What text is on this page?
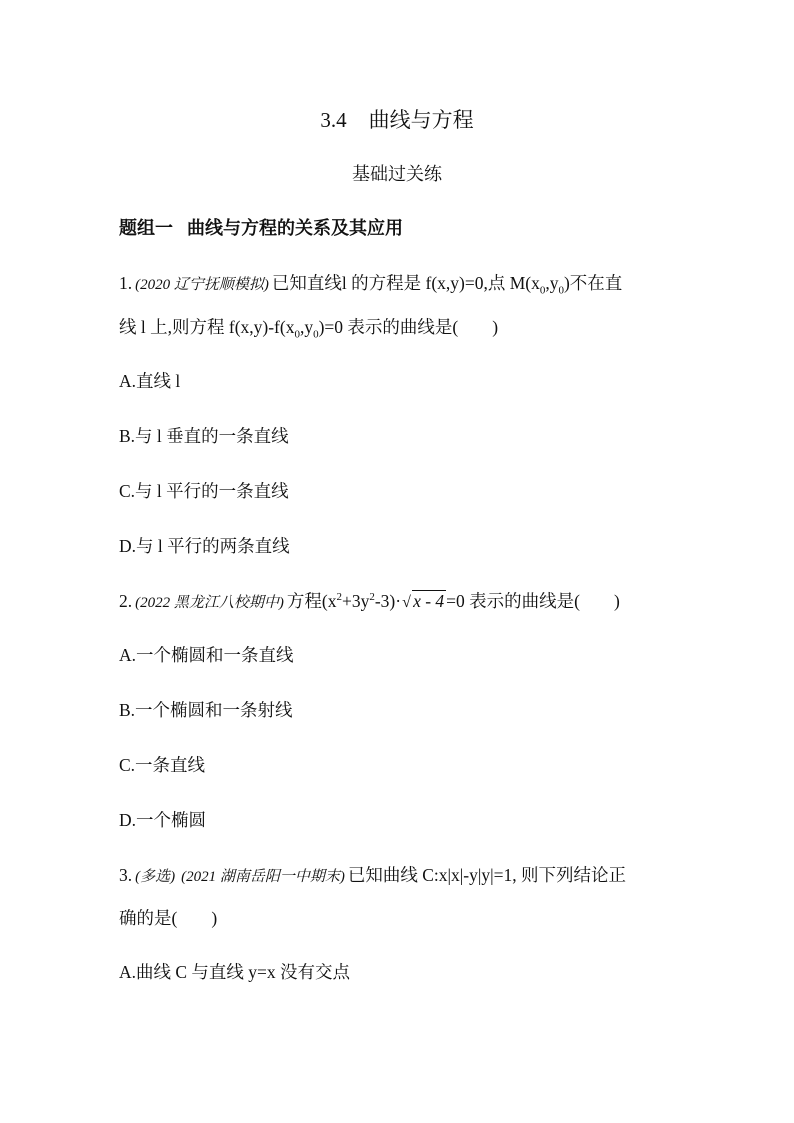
3.4 曲线与方程
基础过关练
题组一 曲线与方程的关系及其应用
1. (2020 辽宁抚顺模拟) 已知直线l 的方程是 f(x,y)=0,点 $M(x_0,y_0)$不在直
线 l 上,则方程 $f(x,y)-f(x_0,y_0)=0$ 表示的曲线是( )
A.直线 l
B.与 l 垂直的一条直线
C.与 l 平行的一条直线
D.与 l 平行的两条直线
2. (2022 黑龙江八校期中) 方程$(x^2+3y^2-3)\cdot$ √ x - 4 =0 表示的曲线是( )
A.一个椭圆和一条直线
B.一个椭圆和一条射线
C.一条直线
D.一个椭圆
3. (多选) (2021 湖南岳阳一中期末) 已知曲线 C:x|x|-y|y|=1, 则下列结论正
确的是( )
A.曲线 C 与直线 y=x 没有交点
